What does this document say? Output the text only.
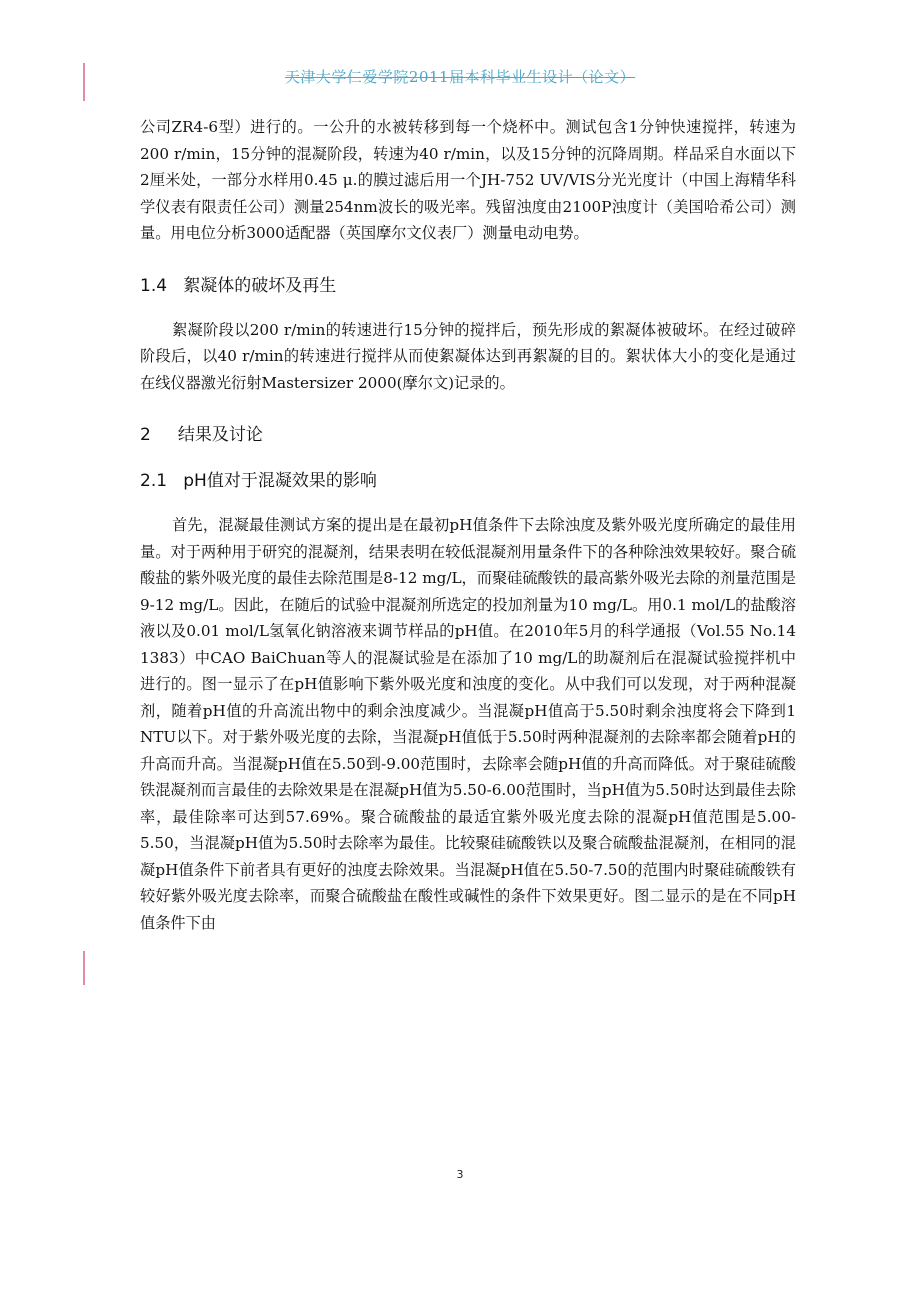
天津大学仁爱学院2011届本科毕业生设计（论文）

公司ZR4-6型）进行的。一公升的水被转移到每一个烧杯中。测试包含1分钟快速搅拌，转速为200 r/min，15分钟的混凝阶段，转速为40 r/min，以及15分钟的沉降周期。样品采自水面以下2厘米处，一部分水样用0.45 μ.的膜过滤后用一个JH-752 UV/VIS分光光度计（中国上海精华科学仪表有限责任公司）测量254nm波长的吸光率。残留浊度由2100P浊度计（美国哈希公司）测量。用电位分析3000适配器（英国摩尔文仪表厂）测量电动电势。

1.4   絮凝体的破坏及再生

絮凝阶段以200 r/min的转速进行15分钟的搅拌后，预先形成的絮凝体被破坏。在经过破碎阶段后，以40 r/min的转速进行搅拌从而使絮凝体达到再絮凝的目的。絮状体大小的变化是通过在线仪器激光衍射Mastersizer 2000(摩尔文)记录的。

2     结果及讨论
2.1   pH值对于混凝效果的影响

首先，混凝最佳测试方案的提出是在最初pH值条件下去除浊度及紫外吸光度所确定的最佳用量。对于两种用于研究的混凝剂，结果表明在较低混凝剂用量条件下的各种除浊效果较好。聚合硫酸盐的紫外吸光度的最佳去除范围是8-12 mg/L，而聚硅硫酸铁的最高紫外吸光去除的剂量范围是9-12 mg/L。因此，在随后的试验中混凝剂所选定的投加剂量为10 mg/L。用0.1 mol/L的盐酸溶液以及0.01 mol/L氢氧化钠溶液来调节样品的pH值。在2010年5月的科学通报（Vol.55 No.14 1383）中CAO BaiChuan等人的混凝试验是在添加了10 mg/L的助凝剂后在混凝试验搅拌机中进行的。图一显示了在pH值影响下紫外吸光度和浊度的变化。从中我们可以发现，对于两种混凝剂，随着pH值的升高流出物中的剩余浊度减少。当混凝pH值高于5.50时剩余浊度将会下降到1 NTU以下。对于紫外吸光度的去除，当混凝pH值低于5.50时两种混凝剂的去除率都会随着pH的升高而升高。当混凝pH值在5.50到-9.00范围时，去除率会随pH值的升高而降低。对于聚硅硫酸铁混凝剂而言最佳的去除效果是在混凝pH值为5.50-6.00范围时，当pH值为5.50时达到最佳去除率，最佳除率可达到57.69%。聚合硫酸盐的最适宜紫外吸光度去除的混凝pH值范围是5.00-5.50，当混凝pH值为5.50时去除率为最佳。比较聚硅硫酸铁以及聚合硫酸盐混凝剂，在相同的混凝pH值条件下前者具有更好的浊度去除效果。当混凝pH值在5.50-7.50的范围内时聚硅硫酸铁有较好紫外吸光度去除率，而聚合硫酸盐在酸性或碱性的条件下效果更好。图二显示的是在不同pH值条件下由

3
